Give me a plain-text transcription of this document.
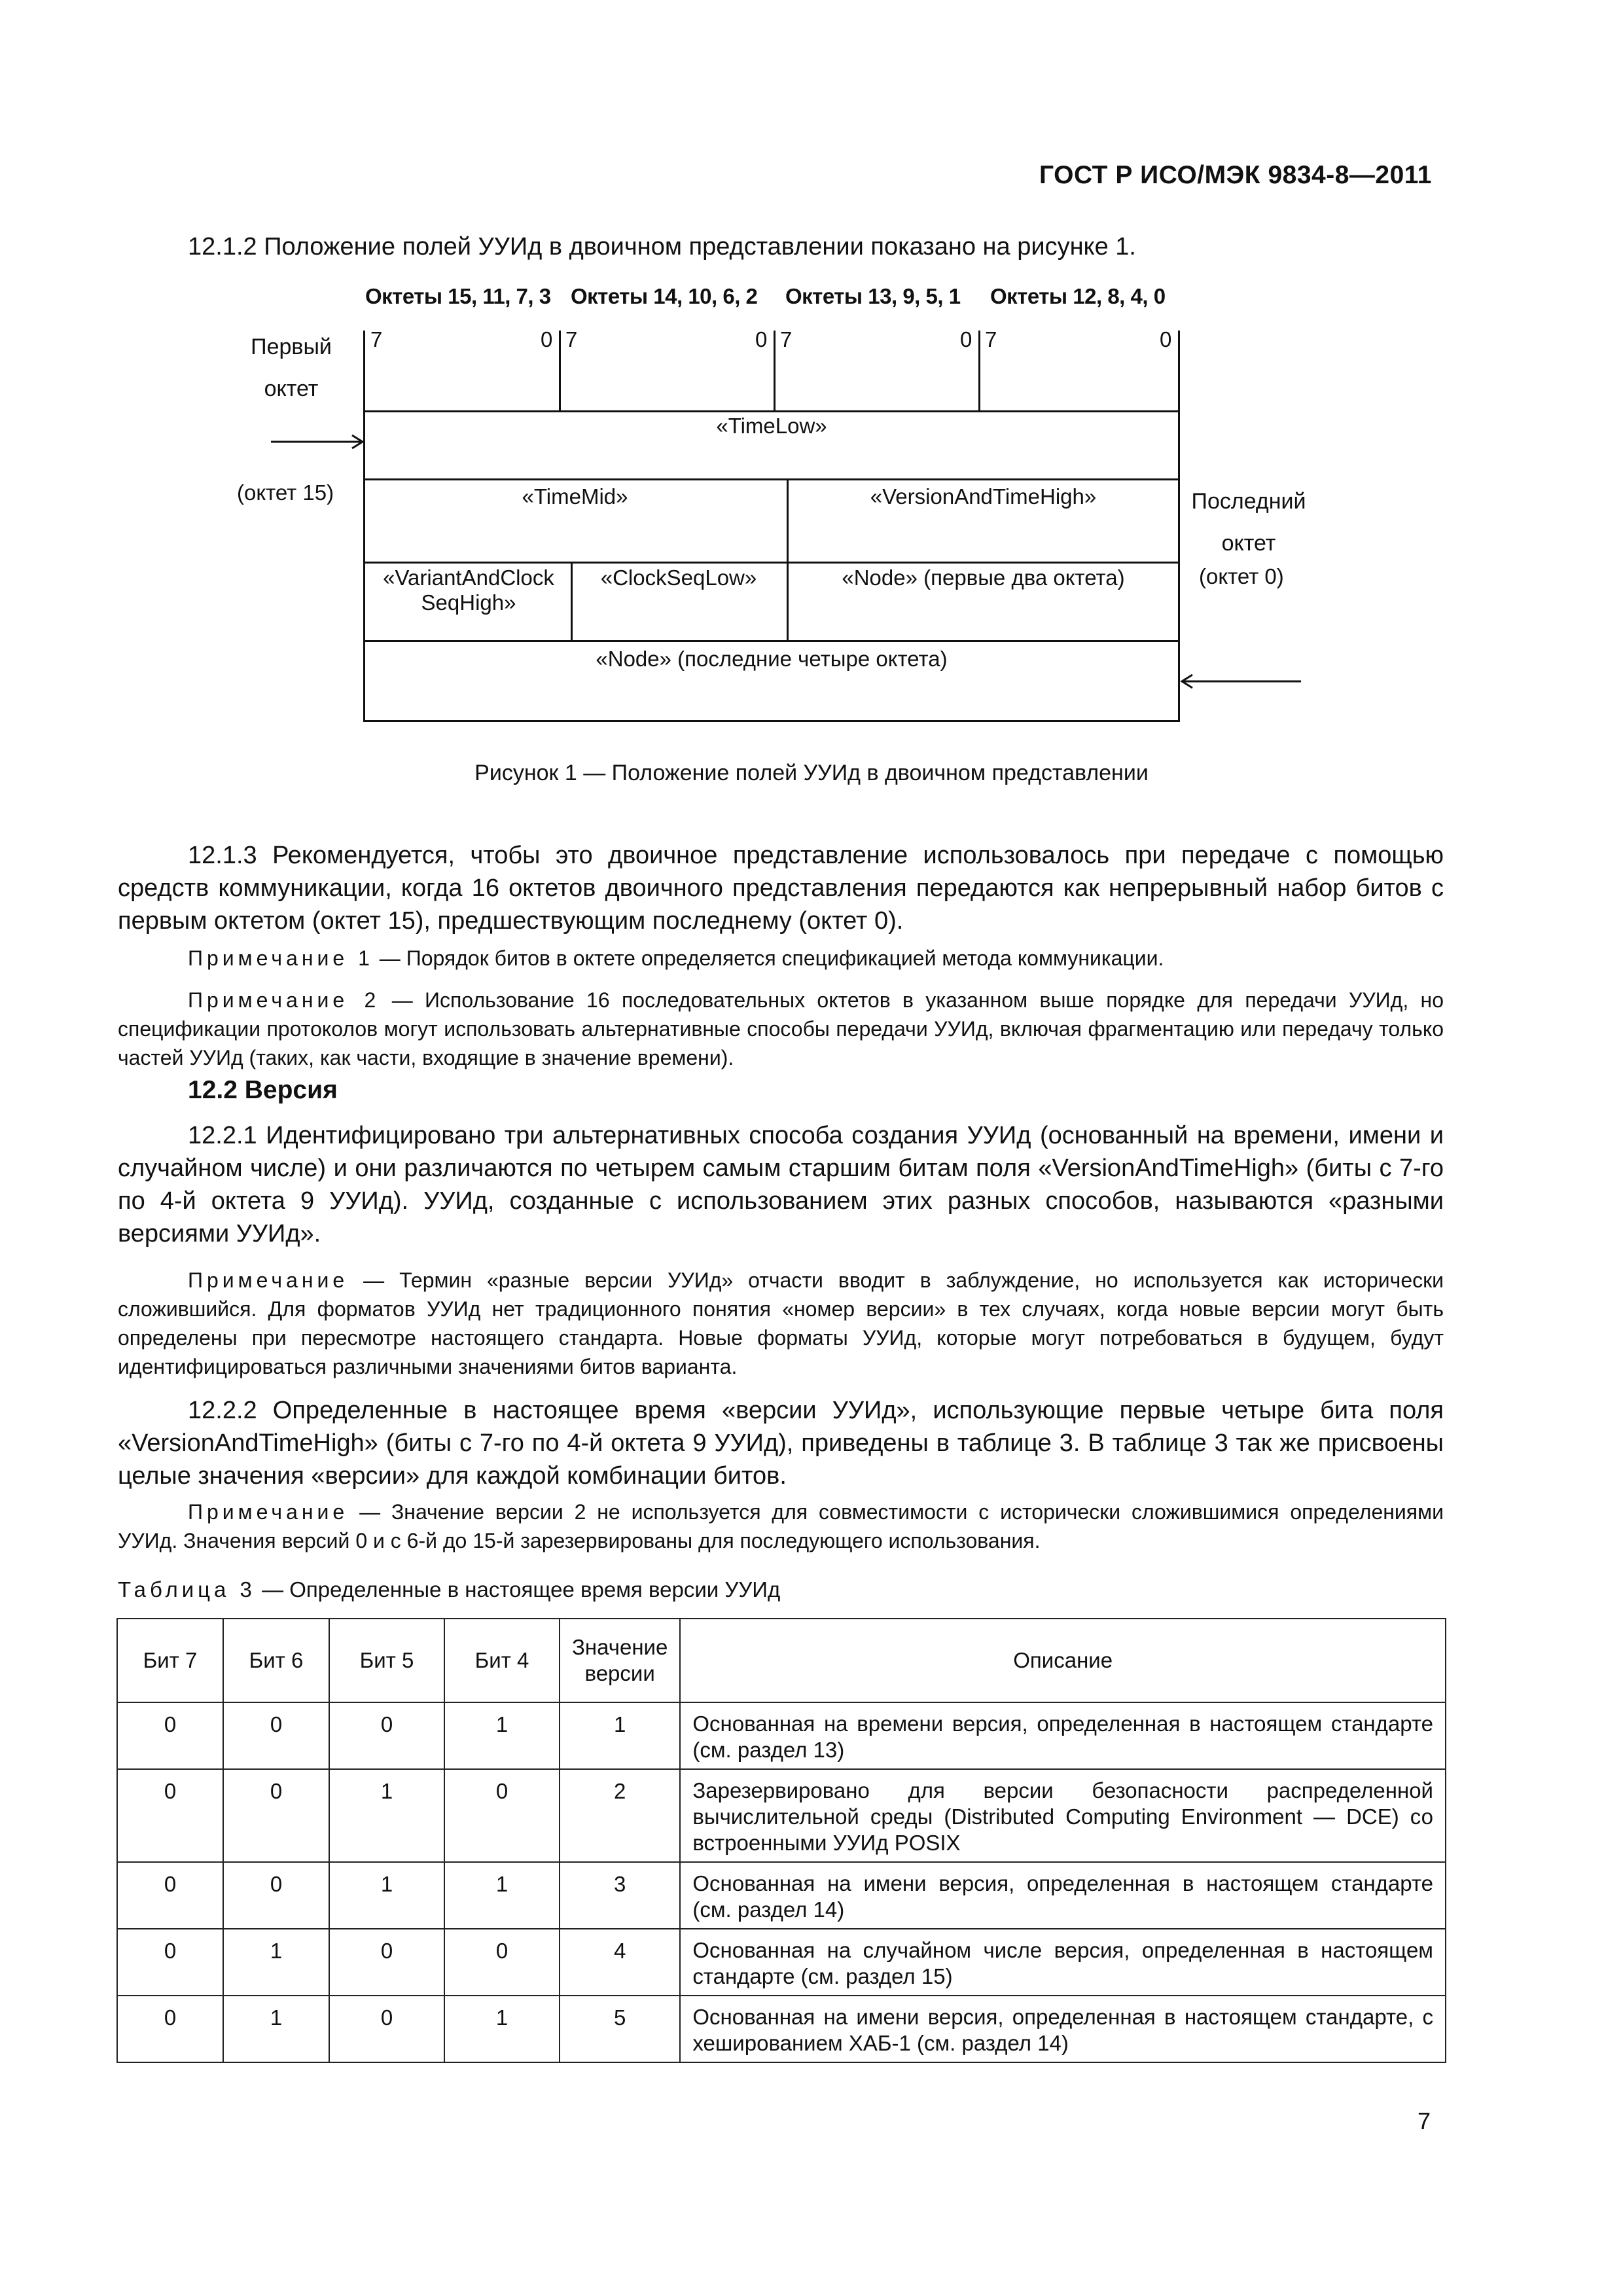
ГОСТ Р ИСО/МЭК 9834-8—2011
12.1.2 Положение полей УУИд в двоичном представлении показано на рисунке 1.
Октеты 15, 11, 7, 3 Октеты 14, 10, 6, 2 Октеты 13, 9, 5, 1 Октеты 12, 8, 4, 0
Первый октет
(октет 15)	Последний октет
(октет 0)
7	0 7	0 7	0 7	0
«TimeLow»
«TimeMid»	«VersionAndTimeHigh»
«VariantAndClock SeqHigh»
«ClockSeqLow»	«Node» (первые два октета)
«Node» (последние четыре октета)
Рисунок 1 — Положение полей УУИд в двоичном представлении
12.1.3 Рекомендуется, чтобы это двоичное представление использовалось при передаче с помощью средств коммуникации, когда 16 октетов двоичного представления передаются как непрерывный набор битов с первым октетом (октет 15), предшествующим последнему (октет 0).
Примечание 1 — Порядок битов в октете определяется спецификацией метода коммуникации.
Примечание 2 — Использование 16 последовательных октетов в указанном выше порядке для передачи УУИд, но спецификации протоколов могут использовать альтернативные способы передачи УУИд, включая фрагментацию или передачу только частей УУИд (таких, как части, входящие в значение времени).
12.2 Версия
12.2.1 Идентифицировано три альтернативных способа создания УУИд (основанный на времени, имени и случайном числе) и они различаются по четырем самым старшим битам поля «VersionAndTimeHigh» (биты с 7-го по 4-й октета 9 УУИд). УУИд, созданные с использованием этих разных способов, называются «разными версиями УУИд».
Примечание — Термин «разные версии УУИд» отчасти вводит в заблуждение, но используется как исторически сложившийся. Для форматов УУИд нет традиционного понятия «номер версии» в тех случаях, когда новые версии могут быть определены при пересмотре настоящего стандарта. Новые форматы УУИд, которые могут потребоваться в будущем, будут идентифицироваться различными значениями битов варианта.
12.2.2 Определенные в настоящее время «версии УУИд», использующие первые четыре бита поля «VersionAndTimeHigh» (биты с 7-го по 4-й октета 9 УУИд), приведены в таблице 3. В таблице 3 так же присвоены целые значения «версии» для каждой комбинации битов.
Примечание — Значение версии 2 не используется для совместимости с исторически сложившимися определениями УУИд. Значения версий 0 и с 6-й до 15-й зарезервированы для последующего использования.
Таблица 3 — Определенные в настоящее время версии УУИд
Бит 7	Бит 6	Бит 5	Бит 4	Значение версии	Описание
0	0	0	1	1	Основанная на времени версия, определенная в настоящем стандарте (см. раздел 13)
0	0	1	0	2	Зарезервировано для версии безопасности распределенной вычислительной среды (Distributed Computing Environment — DCE) со встроенными УУИд POSIX
0	0	1	1	3	Основанная на имени версия, определенная в настоящем стандарте (см. раздел 14)
0	1	0	0	4	Основанная на случайном числе версия, определенная в настоящем стандарте (см. раздел 15)
0	1	0	1	5	Основанная на имени версия, определенная в настоящем стандарте, с хешированием ХАБ-1 (см. раздел 14)
7
